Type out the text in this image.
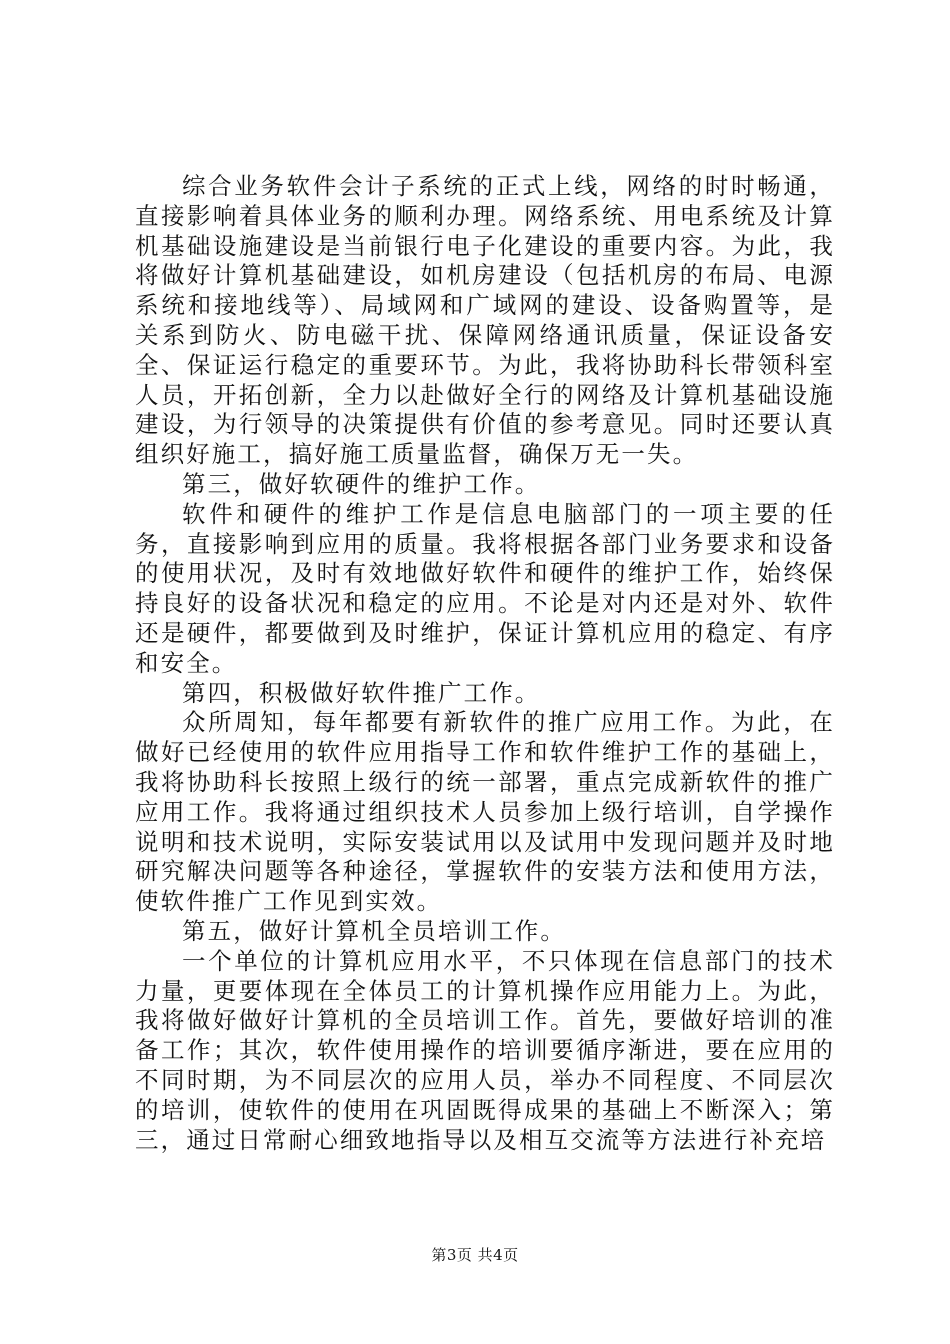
综合业务软件会计子系统的正式上线，网络的时时畅通，直接影响着具体业务的顺利办理。网络系统、用电系统及计算机基础设施建设是当前银行电子化建设的重要内容。为此，我将做好计算机基础建设，如机房建设（包括机房的布局、电源系统和接地线等）、局域网和广域网的建设、设备购置等，是关系到防火、防电磁干扰、保障网络通讯质量，保证设备安全、保证运行稳定的重要环节。为此，我将协助科长带领科室人员，开拓创新，全力以赴做好全行的网络及计算机基础设施建设，为行领导的决策提供有价值的参考意见。同时还要认真组织好施工，搞好施工质量监督，确保万无一失。

第三，做好软硬件的维护工作。

软件和硬件的维护工作是信息电脑部门的一项主要的任务，直接影响到应用的质量。我将根据各部门业务要求和设备的使用状况，及时有效地做好软件和硬件的维护工作，始终保持良好的设备状况和稳定的应用。不论是对内还是对外、软件还是硬件，都要做到及时维护，保证计算机应用的稳定、有序和安全。

第四，积极做好软件推广工作。

众所周知，每年都要有新软件的推广应用工作。为此，在做好已经使用的软件应用指导工作和软件维护工作的基础上，我将协助科长按照上级行的统一部署，重点完成新软件的推广应用工作。我将通过组织技术人员参加上级行培训，自学操作说明和技术说明，实际安装试用以及试用中发现问题并及时地研究解决问题等各种途径，掌握软件的安装方法和使用方法，使软件推广工作见到实效。

第五，做好计算机全员培训工作。

一个单位的计算机应用水平，不只体现在信息部门的技术力量，更要体现在全体员工的计算机操作应用能力上。为此，我将做好做好计算机的全员培训工作。首先，要做好培训的准备工作；其次，软件使用操作的培训要循序渐进，要在应用的不同时期，为不同层次的应用人员，举办不同程度、不同层次的培训，使软件的使用在巩固既得成果的基础上不断深入；第三，通过日常耐心细致地指导以及相互交流等方法进行补充培

第3页 共4页
